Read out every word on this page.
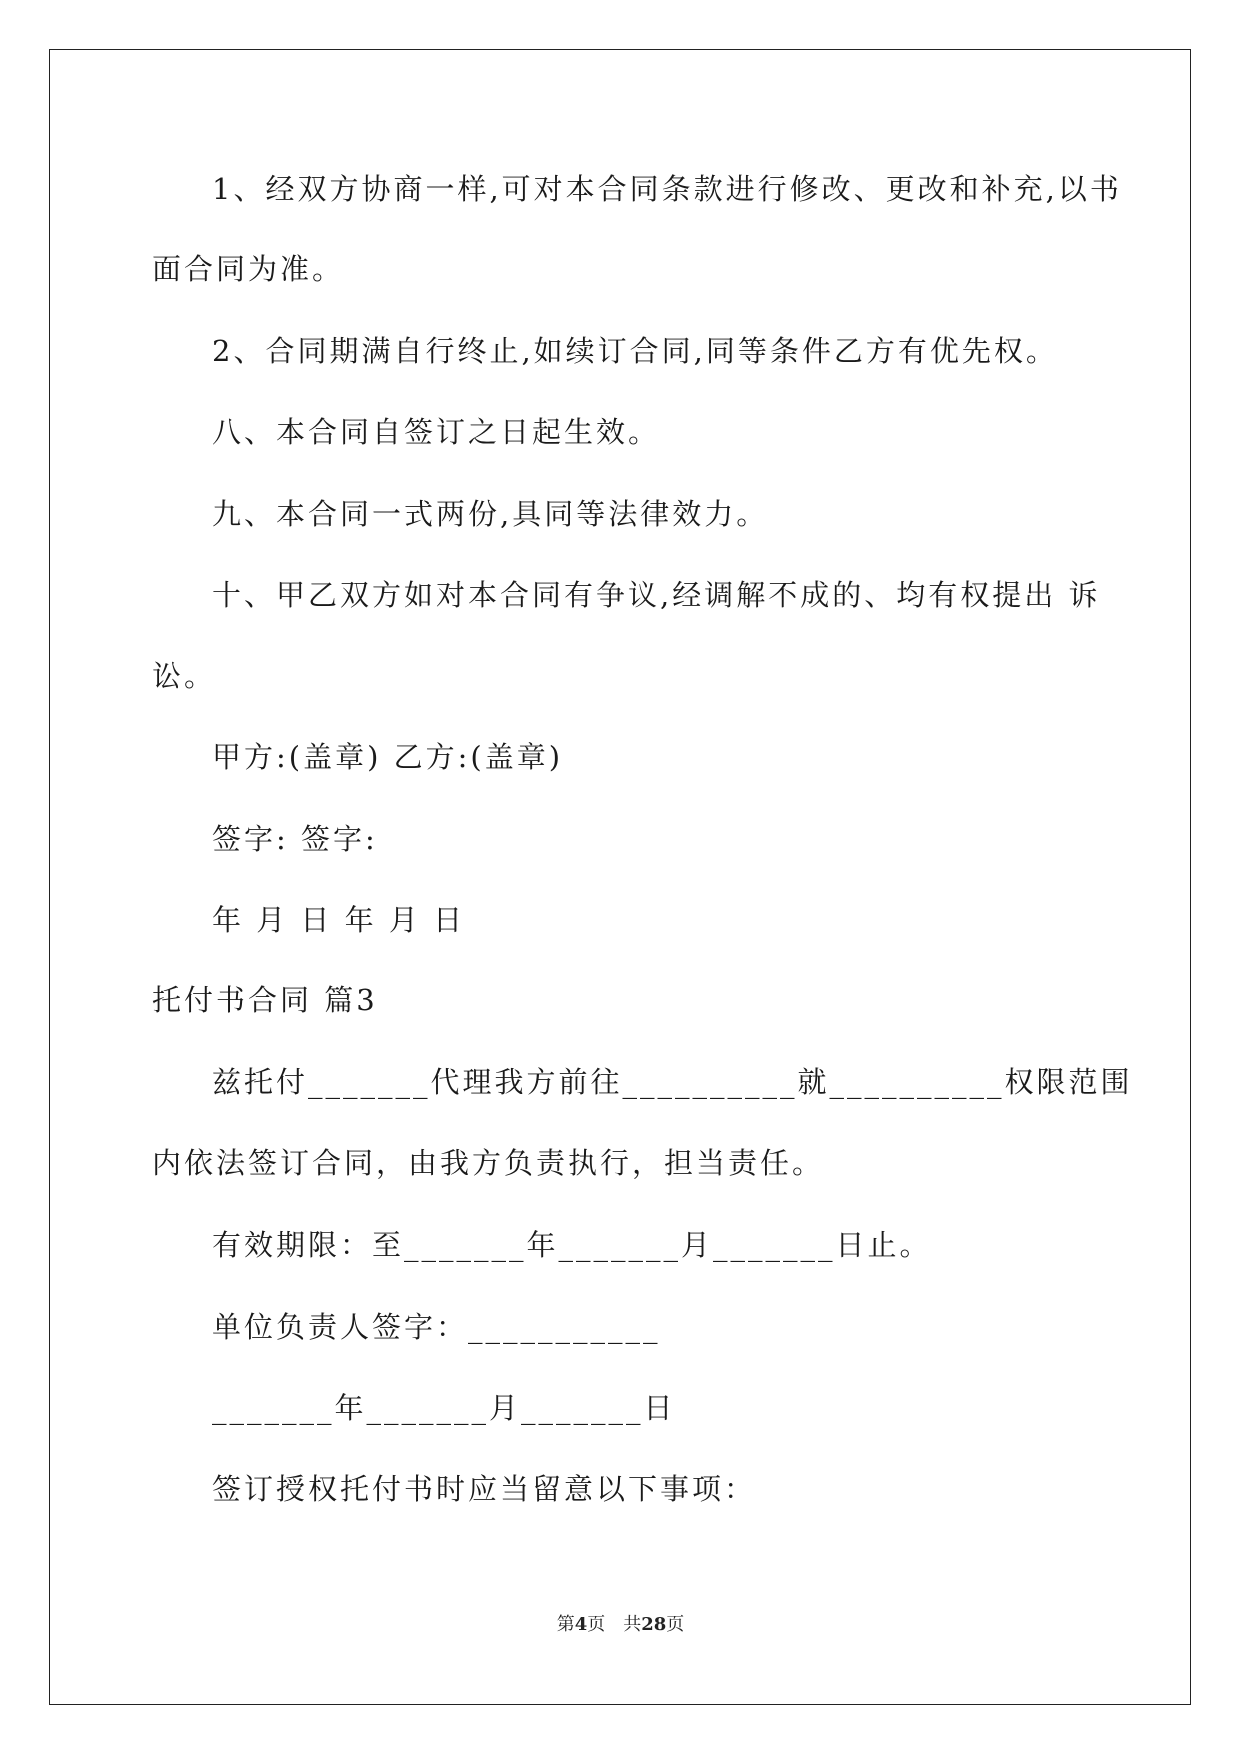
1、经双方协商一样,可对本合同条款进行修改、更改和补充,以书
面合同为准。
2、合同期满自行终止,如续订合同,同等条件乙方有优先权。
八、本合同自签订之日起生效。
九、本合同一式两份,具同等法律效力。
十、甲乙双方如对本合同有争议,经调解不成的、均有权提出 诉
讼。
甲方:(盖章) 乙方:(盖章)
签字: 签字:
年 月 日 年 月 日
托付书合同 篇3
兹托付_______代理我方前往__________就__________权限范围
内依法签订合同，由我方负责执行，担当责任。
有效期限：至_______年_______月_______日止。
单位负责人签字：___________
_______年_______月_______日
签订授权托付书时应当留意以下事项：
第4页　共28页
